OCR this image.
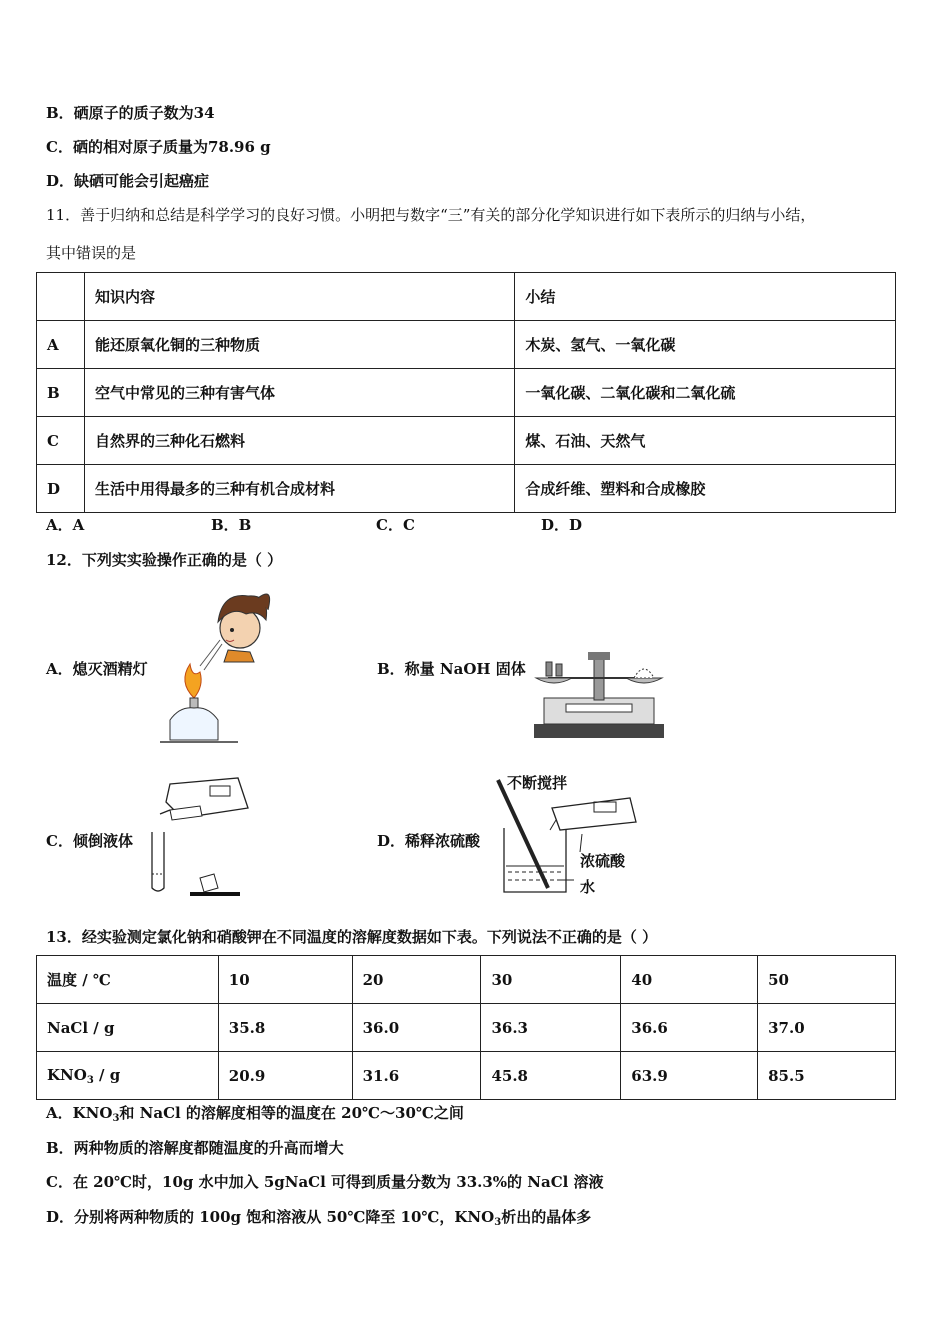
B．硒原子的质子数为34
C．硒的相对原子质量为78.96 g
D．缺硒可能会引起癌症
11．善于归纳和总结是科学学习的良好习惯。小明把与数字“三”有关的部分化学知识进行如下表所示的归纳与小结，
其中错误的是
	知识内容	小结
A	能还原氧化铜的三种物质	木炭、氢气、一氧化碳
B	空气中常见的三种有害气体	一氧化碳、二氧化碳和二氧化硫
C	自然界的三种化石燃料	煤、石油、天然气
D	生活中用得最多的三种有机合成材料	合成纤维、塑料和合成橡胶
A．A	B．B	C．C	D．D
12．下列实实验操作正确的是（ ）
A．熄灭酒精灯	B．称量 NaOH 固体
C．倾倒液体	D．稀释浓硫酸
不断搅拌
浓硫酸
水
13．经实验测定氯化钠和硝酸钾在不同温度的溶解度数据如下表。下列说法不正确的是（ ）
温度 / ℃	10	20	30	40	50
NaCl / g	35.8	36.0	36.3	36.6	37.0
$KNO_3$ / g	20.9	31.6	45.8	63.9	85.5
A．$KNO_3$和 NaCl 的溶解度相等的温度在 20℃～30℃之间
B．两种物质的溶解度都随温度的升高而增大
C．在 20℃时，10g 水中加入 5gNaCl 可得到质量分数为 33.3%的 NaCl 溶液
D．分别将两种物质的 100g 饱和溶液从 50℃降至 10℃，$KNO_3$析出的晶体多
